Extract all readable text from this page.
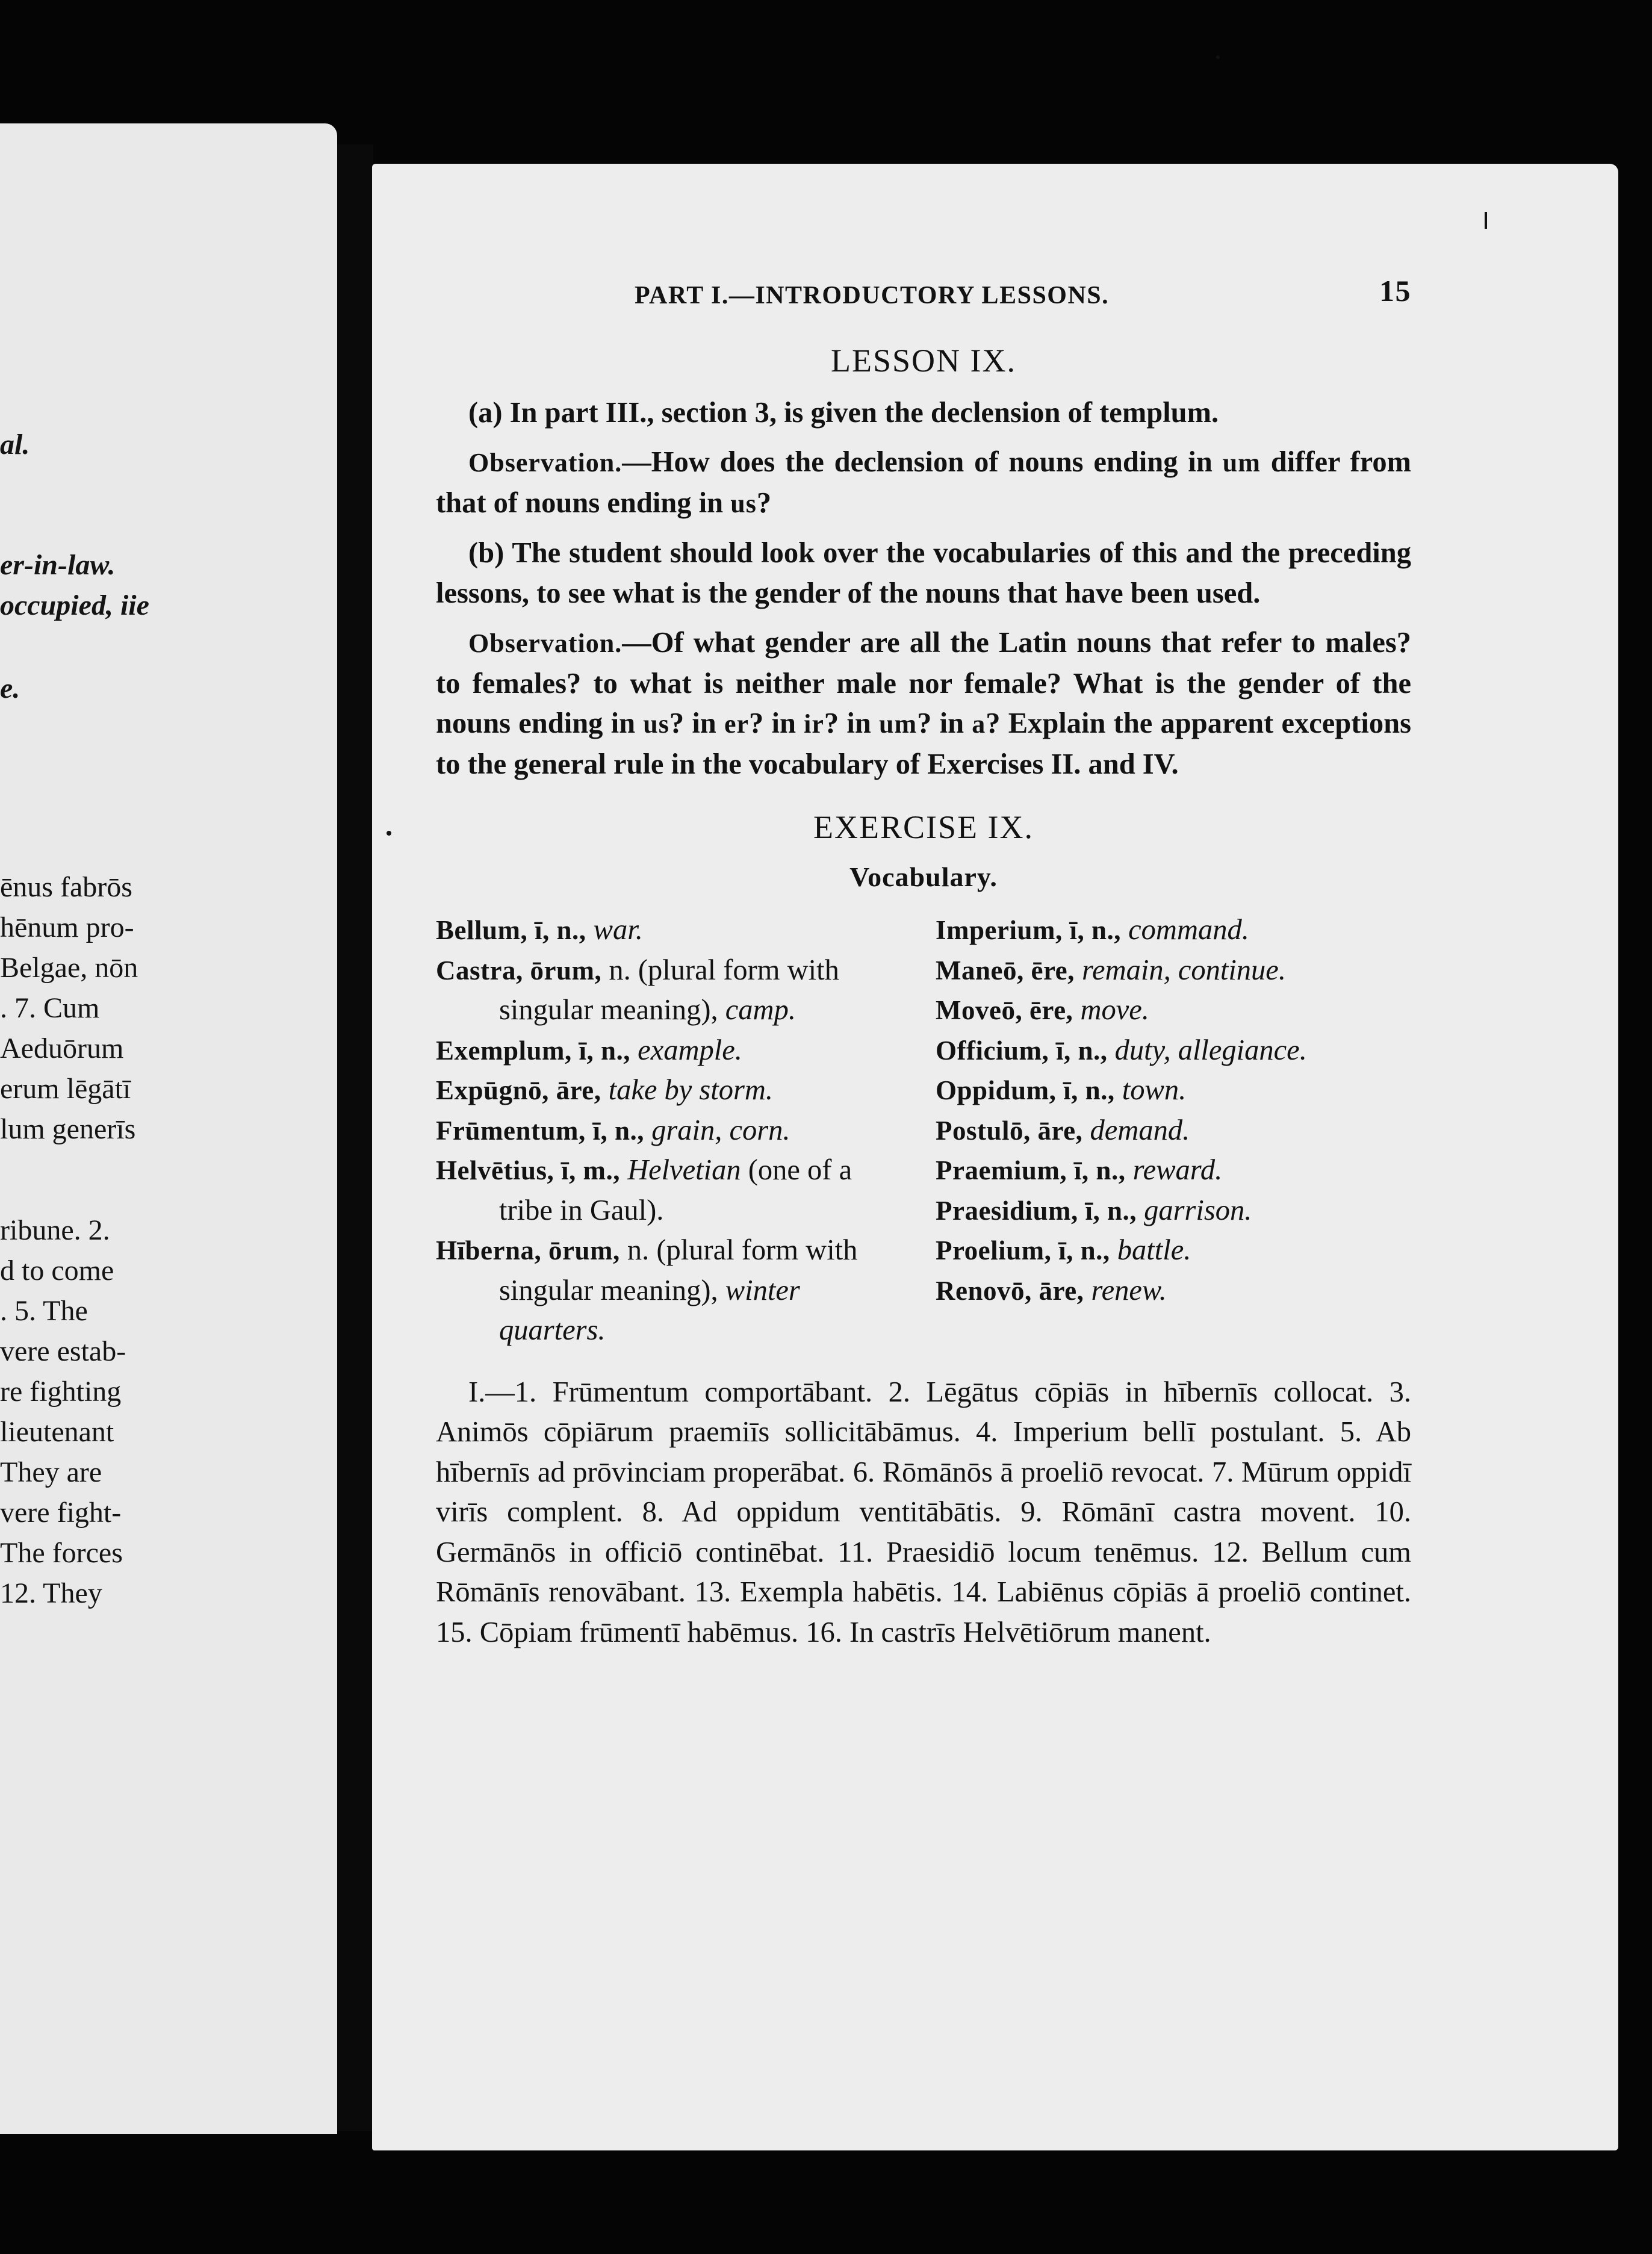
al.
er-in-law.
occupied, iie
e.
ēnus fabrōs
hēnum pro-
Belgae, nōn
. 7. Cum
Aeduōrum
erum lēgātī
lum generīs
ribune. 2.
d to come
. 5. The
vere estab-
re fighting
lieutenant
They are
vere fight-
The forces
12. They
PART I.—INTRODUCTORY LESSONS.	15
LESSON IX.

(a) In part III., section 3, is given the declension of templum.

Observation.—How does the declension of nouns ending in um differ from that of nouns ending in us?

(b) The student should look over the vocabularies of this and the preceding lessons, to see what is the gender of the nouns that have been used.

Observation.—Of what gender are all the Latin nouns that refer to males? to females? to what is neither male nor female? What is the gender of the nouns ending in us? in er? in ir? in um? in a? Explain the apparent exceptions to the general rule in the vocabulary of Exercises II. and IV.

EXERCISE IX.
Vocabulary.
Bellum, ī, n., war.
Castra, ōrum, n. (plural form with singular meaning), camp.
Exemplum, ī, n., example.
Expūgnō, āre, take by storm.
Frūmentum, ī, n., grain, corn.
Helvētius, ī, m., Helvetian (one of a tribe in Gaul).
Hīberna, ōrum, n. (plural form with singular meaning), winter quarters.
Imperium, ī, n., command.
Maneō, ēre, remain, continue.
Moveō, ēre, move.
Officium, ī, n., duty, allegiance.
Oppidum, ī, n., town.
Postulō, āre, demand.
Praemium, ī, n., reward.
Praesidium, ī, n., garrison.
Proelium, ī, n., battle.
Renovō, āre, renew.

I.—1. Frūmentum comportābant. 2. Lēgātus cōpiās in hībernīs collocat. 3. Animōs cōpiārum praemiīs sollicitābāmus. 4. Imperium bellī postulant. 5. Ab hībernīs ad prōvinciam properābat. 6. Rōmānōs ā proeliō revocat. 7. Mūrum oppidī virīs complent. 8. Ad oppidum ventitābātis. 9. Rōmānī castra movent. 10. Germānōs in officiō continēbat. 11. Praesidiō locum tenēmus. 12. Bellum cum Rōmānīs renovābant. 13. Exempla habētis. 14. Labiēnus cōpiās ā proeliō continet. 15. Cōpiam frūmentī habēmus. 16. In castrīs Helvētiōrum manent.
